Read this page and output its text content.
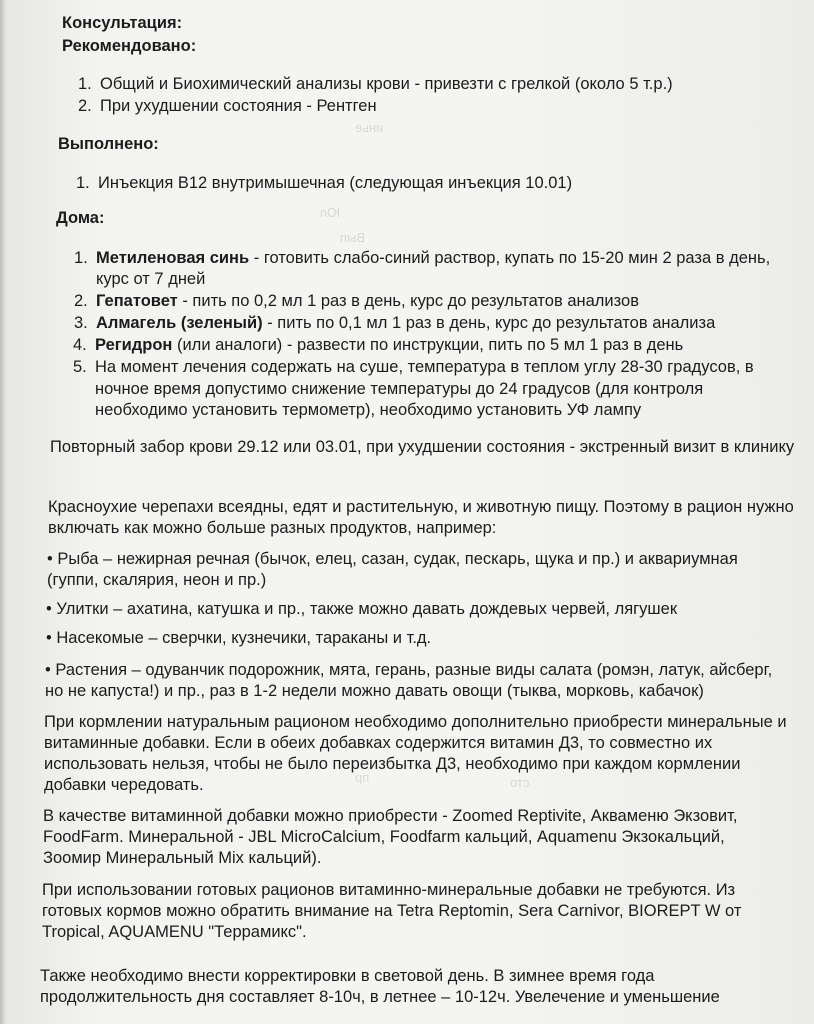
инье
Юл
Вып
пр	сто

Консультация:

Рекомендовано:

1. Общий и Биохимический анализы крови - привезти с грелкой (около 5 т.р.)

2. При ухудшении состояния - Рентген

Выполнено:

1. Инъекция В12 внутримышечная (следующая инъекция 10.01)

Дома:

1. Метиленовая синь - готовить слабо-синий раствор, купать по 15-20 мин 2 раза в день,

курс от 7 дней

2. Гепатовет - пить по 0,2 мл 1 раз в день, курс до результатов анализов

3. Алмагель (зеленый) - пить по 0,1 мл 1 раз в день, курс до результатов анализа

4. Регидрон (или аналоги) - развести по инструкции, пить по 5 мл 1 раз в день

5. На момент лечения содержать на суше, температура в теплом углу 28-30 градусов, в

ночное время допустимо снижение температуры до 24 градусов (для контроля

необходимо установить термометр), необходимо установить УФ лампу

Повторный забор крови 29.12 или 03.01, при ухудшении состояния - экстренный визит в клинику

Красноухие черепахи всеядны, едят и растительную, и животную пищу. Поэтому в рацион нужно

включать как можно больше разных продуктов, например:

• Рыба – нежирная речная (бычок, елец, сазан, судак, пескарь, щука и пр.) и аквариумная

(гуппи, скалярия, неон и пр.)

• Улитки – ахатина, катушка и пр., также можно давать дождевых червей, лягушек

• Насекомые – сверчки, кузнечики, тараканы и т.д.

• Растения – одуванчик подорожник, мята, герань, разные виды салата (ромэн, латук, айсберг,

но не капуста!) и пр., раз в 1-2 недели можно давать овощи (тыква, морковь, кабачок)

При кормлении натуральным рационом необходимо дополнительно приобрести минеральные и

витаминные добавки. Если в обеих добавках содержится витамин Д3, то совместно их

использовать нельзя, чтобы не было переизбытка Д3, необходимо при каждом кормлении

добавки чередовать.

В качестве витаминной добавки можно приобрести - Zoomed Reptivite, Акваменю Экзовит,

FoodFarm. Минеральной - JBL MicroCalcium, Foodfarm кальций, Aquamenu Экзокальций,

Зоомир Минеральный Mix кальций).

При использовании готовых рационов витаминно-минеральные добавки не требуются. Из

готовых кормов можно обратить внимание на Tetra Reptomin, Sera Carnivor, BIOREPT W от

Tropical, AQUAMENU "Террамикс".

Также необходимо внести корректировки в световой день. В зимнее время года

продолжительность дня составляет 8-10ч, в летнее – 10-12ч. Увелечение и уменьшение
